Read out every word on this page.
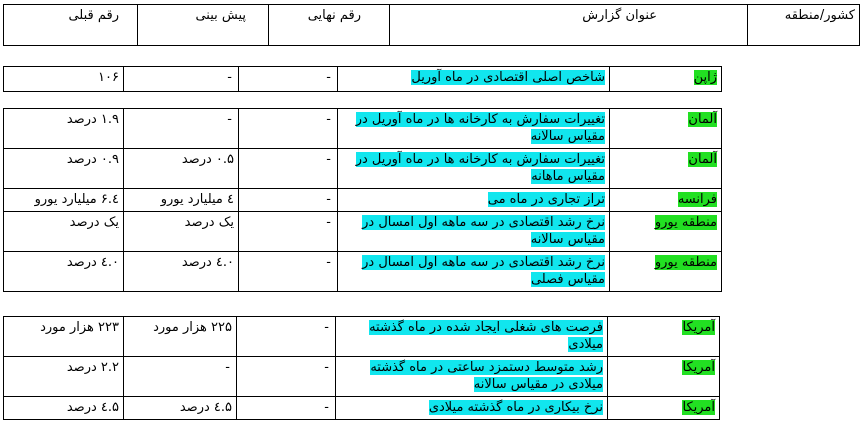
کشور/منطقه	عنوان گزارش	رقم نهایی	پیش بینی	رقم قبلی
ژاپن	شاخص اصلی اقتصادی در ماه آوریل	-	-	۱۰۶
آلمان	تغییرات سفارش به کارخانه ها در ماه آوریل در مقیاس سالانه	-	-	۱.۹ درصد
آلمان	تغییرات سفارش به کارخانه ها در ماه آوریل در مقیاس ماهانه	-	۰.۵ درصد	۰.۹ درصد
فرانسه	تراز تجاری در ماه می	-	٤ میلیارد یورو	٤.۶ میلیارد یورو
منطقه یورو	نرخ رشد اقتصادی در سه ماهه اول امسال در مقیاس سالانه	-	یک درصد	یک درصد
منطقه یورو	نرخ رشد اقتصادی در سه ماهه اول امسال در مقیاس فصلی	-	۰.٤ درصد	۰.٤ درصد
آمریکا	فرصت های شغلی ایجاد شده در ماه گذشته میلادی	-	۲۲۵ هزار مورد	۲۲۳ هزار مورد
آمریکا	رشد متوسط دستمزد ساعتی در ماه گذشته میلادی در مقیاس سالانه	-	-	۲.۲ درصد
آمریکا	نرخ بیکاری در ماه گذشته میلادی	-	۵.٤ درصد	۵.٤ درصد
